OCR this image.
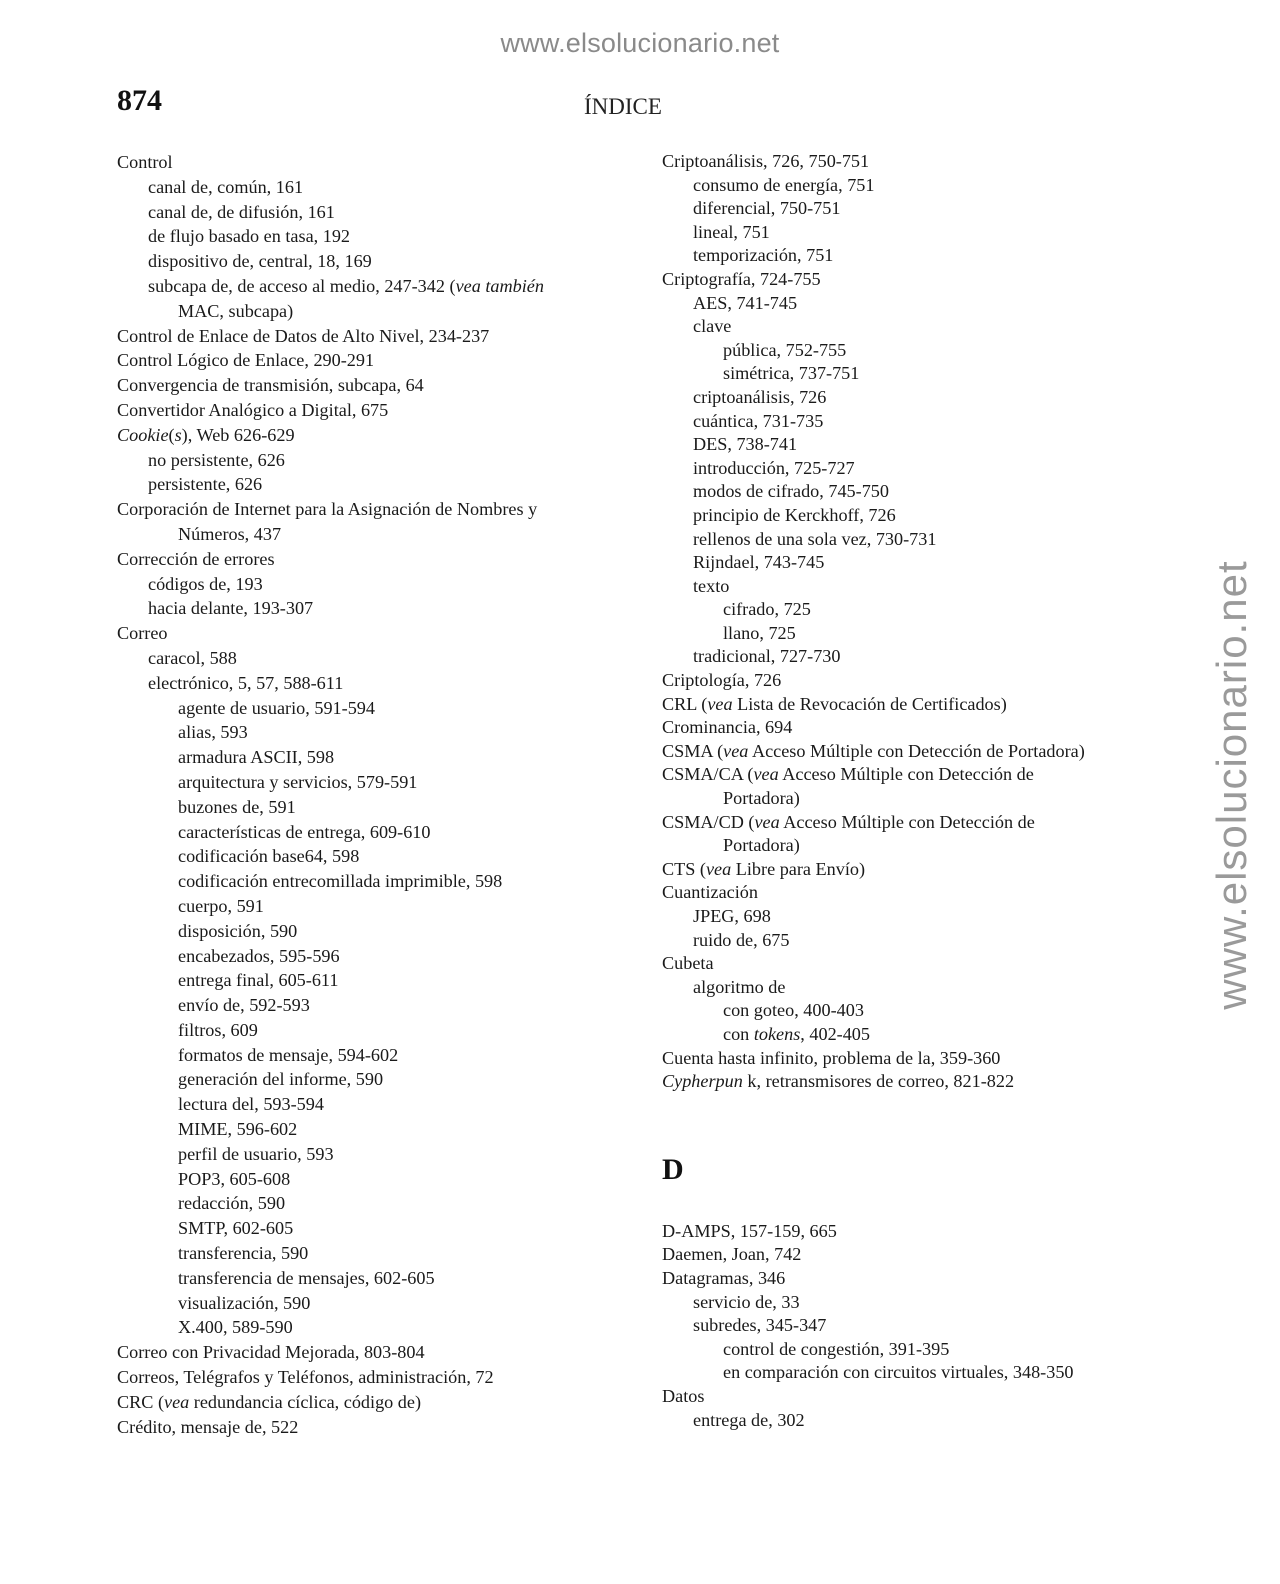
www.elsolucionario.net
www.elsolucionario.net
874	ÍNDICE
Control
canal de, común, 161
canal de, de difusión, 161
de flujo basado en tasa, 192
dispositivo de, central, 18, 169
subcapa de, de acceso al medio, 247-342 (vea también
MAC, subcapa)
Control de Enlace de Datos de Alto Nivel, 234-237
Control Lógico de Enlace, 290-291
Convergencia de transmisión, subcapa, 64
Convertidor Analógico a Digital, 675
Cookie(s), Web 626-629
no persistente, 626
persistente, 626
Corporación de Internet para la Asignación de Nombres y
Números, 437
Corrección de errores
códigos de, 193
hacia delante, 193-307
Correo
caracol, 588
electrónico, 5, 57, 588-611
agente de usuario, 591-594
alias, 593
armadura ASCII, 598
arquitectura y servicios, 579-591
buzones de, 591
características de entrega, 609-610
codificación base64, 598
codificación entrecomillada imprimible, 598
cuerpo, 591
disposición, 590
encabezados, 595-596
entrega final, 605-611
envío de, 592-593
filtros, 609
formatos de mensaje, 594-602
generación del informe, 590
lectura del, 593-594
MIME, 596-602
perfil de usuario, 593
POP3, 605-608
redacción, 590
SMTP, 602-605
transferencia, 590
transferencia de mensajes, 602-605
visualización, 590
X.400, 589-590
Correo con Privacidad Mejorada, 803-804
Correos, Telégrafos y Teléfonos, administración, 72
CRC (vea redundancia cíclica, código de)
Crédito, mensaje de, 522
Criptoanálisis, 726, 750-751
consumo de energía, 751
diferencial, 750-751
lineal, 751
temporización, 751
Criptografía, 724-755
AES, 741-745
clave
pública, 752-755
simétrica, 737-751
criptoanálisis, 726
cuántica, 731-735
DES, 738-741
introducción, 725-727
modos de cifrado, 745-750
principio de Kerckhoff, 726
rellenos de una sola vez, 730-731
Rijndael, 743-745
texto
cifrado, 725
llano, 725
tradicional, 727-730
Criptología, 726
CRL (vea Lista de Revocación de Certificados)
Crominancia, 694
CSMA (vea Acceso Múltiple con Detección de Portadora)
CSMA/CA (vea Acceso Múltiple con Detección de
Portadora)
CSMA/CD (vea Acceso Múltiple con Detección de
Portadora)
CTS (vea Libre para Envío)
Cuantización
JPEG, 698
ruido de, 675
Cubeta
algoritmo de
con goteo, 400-403
con tokens, 402-405
Cuenta hasta infinito, problema de la, 359-360
Cypherpun k, retransmisores de correo, 821-822
D
D-AMPS, 157-159, 665
Daemen, Joan, 742
Datagramas, 346
servicio de, 33
subredes, 345-347
control de congestión, 391-395
en comparación con circuitos virtuales, 348-350
Datos
entrega de, 302
